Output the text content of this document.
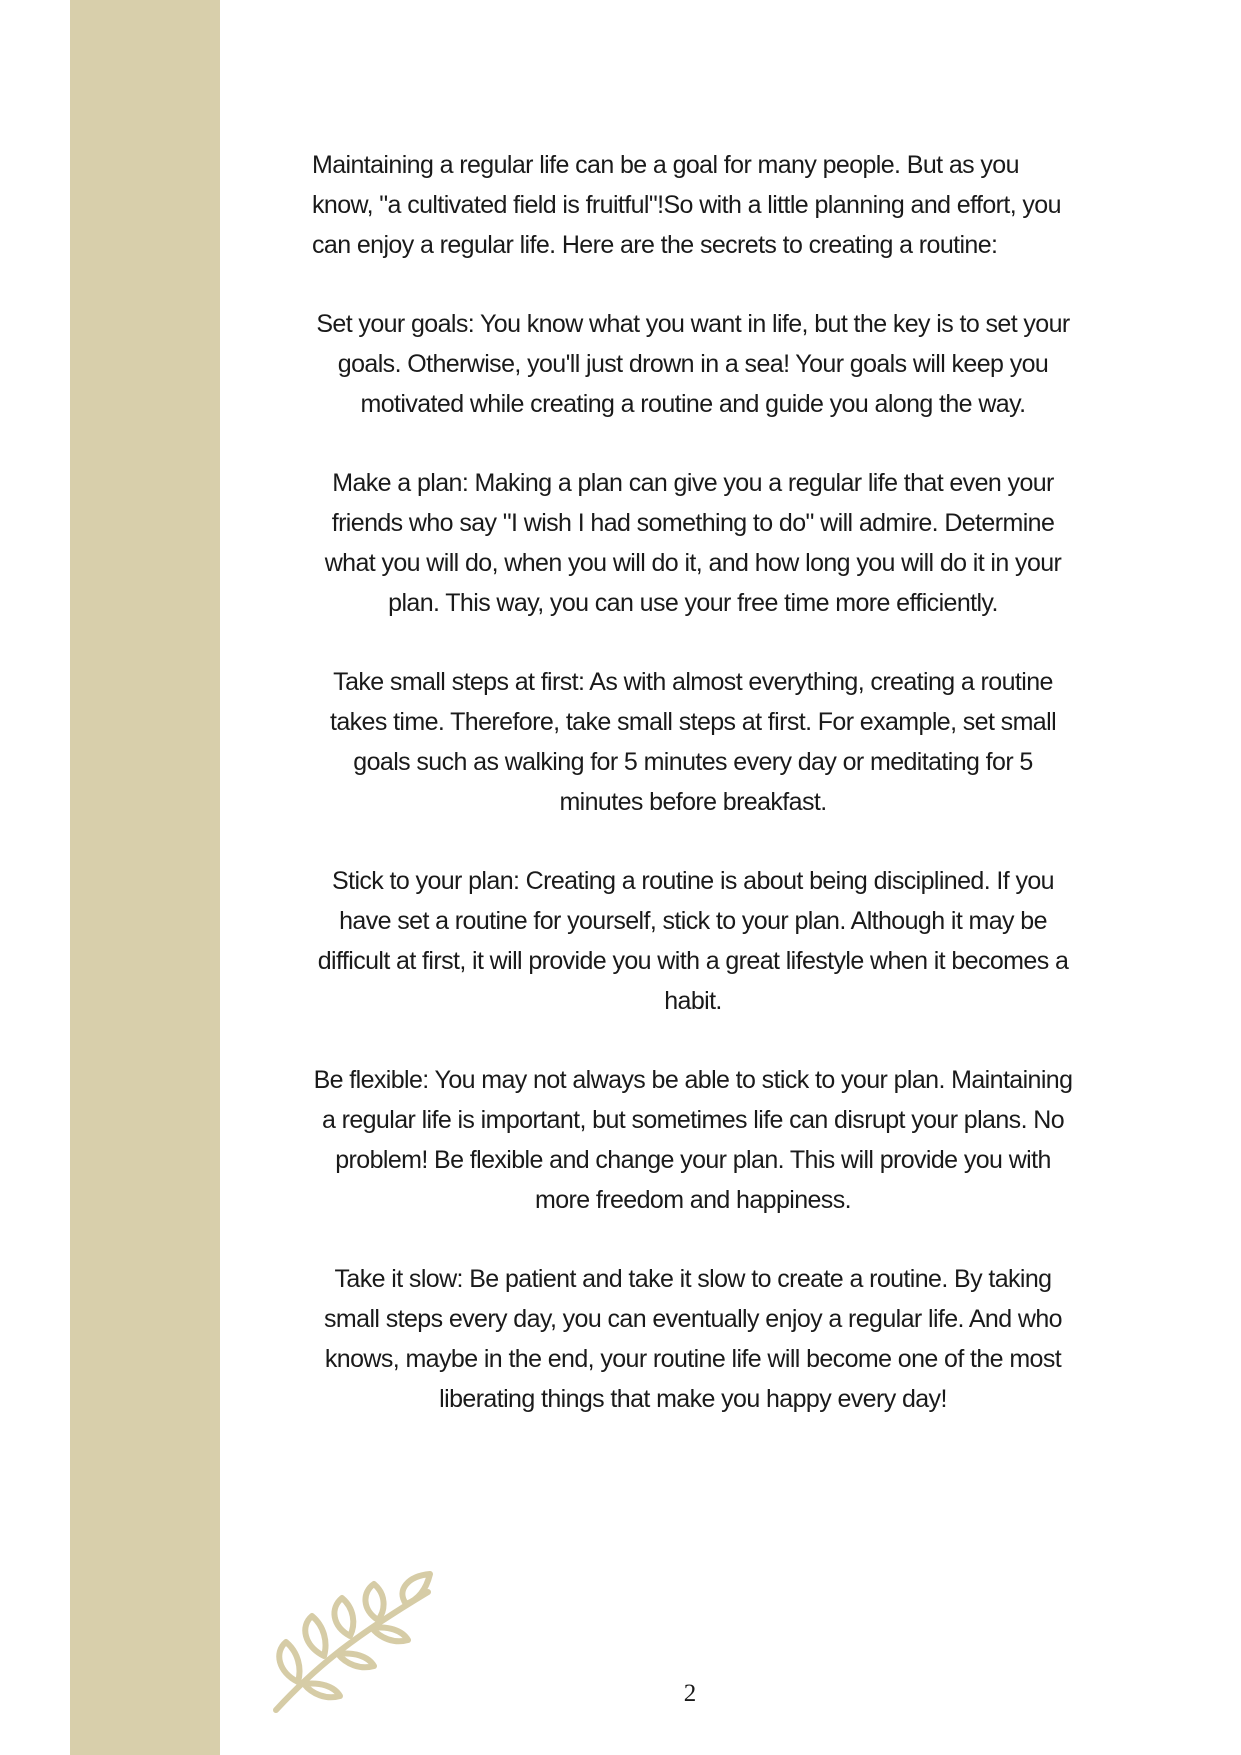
Maintaining a regular life can be a goal for many people. But as you know, "a cultivated field is fruitful"!So with a little planning and effort, you can enjoy a regular life. Here are the secrets to creating a routine:

Set your goals: You know what you want in life, but the key is to set your goals. Otherwise, you'll just drown in a sea! Your goals will keep you motivated while creating a routine and guide you along the way.

Make a plan: Making a plan can give you a regular life that even your friends who say "I wish I had something to do" will admire. Determine what you will do, when you will do it, and how long you will do it in your plan. This way, you can use your free time more efficiently.

Take small steps at first: As with almost everything, creating a routine takes time. Therefore, take small steps at first. For example, set small goals such as walking for 5 minutes every day or meditating for 5 minutes before breakfast.

Stick to your plan: Creating a routine is about being disciplined. If you have set a routine for yourself, stick to your plan. Although it may be difficult at first, it will provide you with a great lifestyle when it becomes a habit.

Be flexible: You may not always be able to stick to your plan. Maintaining a regular life is important, but sometimes life can disrupt your plans. No problem! Be flexible and change your plan. This will provide you with more freedom and happiness.

Take it slow: Be patient and take it slow to create a routine. By taking small steps every day, you can eventually enjoy a regular life. And who knows, maybe in the end, your routine life will become one of the most liberating things that make you happy every day!

2
